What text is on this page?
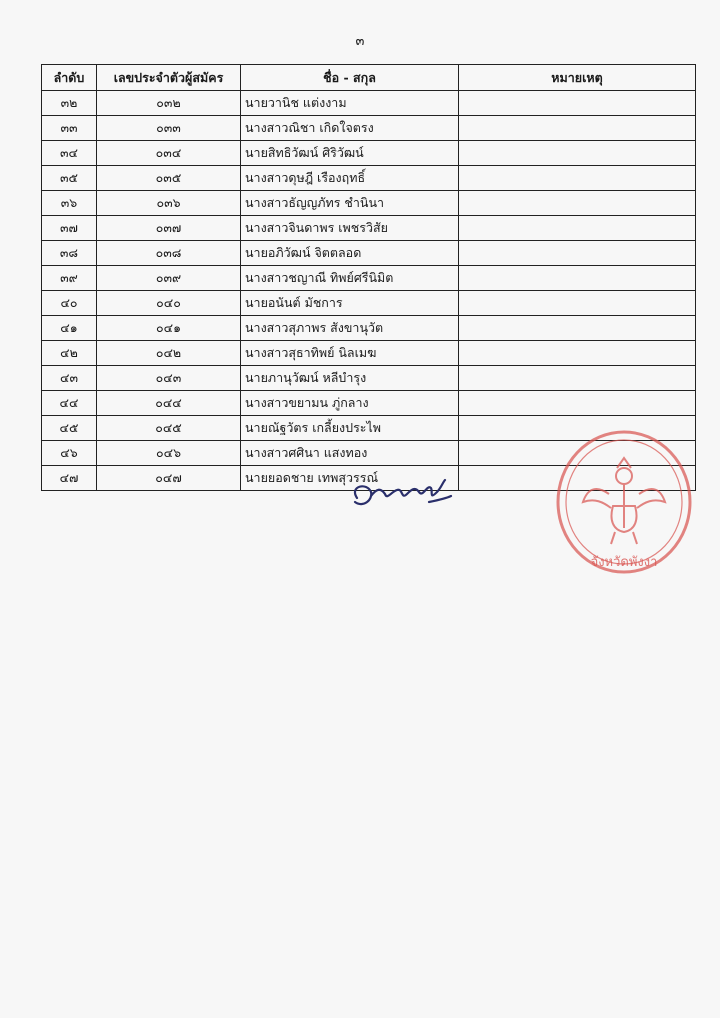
๓
ลำดับ	เลขประจำตัวผู้สมัคร	ชื่อ - สกุล	หมายเหตุ
๓๒	๐๓๒	นายวานิช แต่งงาม	
๓๓	๐๓๓	นางสาวณิชา เกิดใจตรง	
๓๔	๐๓๔	นายสิทธิวัฒน์ ศิริวัฒน์	
๓๕	๐๓๕	นางสาวดุษฎี เรืองฤทธิ์	
๓๖	๐๓๖	นางสาวธัญญภัทร ชำนินา	
๓๗	๐๓๗	นางสาวจินดาพร เพชรวิสัย	
๓๘	๐๓๘	นายอภิวัฒน์ จิตตลอด	
๓๙	๐๓๙	นางสาวชญาณี ทิพย์ศรีนิมิต	
๔๐	๐๔๐	นายอนันต์ มัชการ	
๔๑	๐๔๑	นางสาวสุภาพร สังขานุวัต	
๔๒	๐๔๒	นางสาวสุธาทิพย์ นิลเมฆ	
๔๓	๐๔๓	นายภานุวัฒน์ หลีบำรุง	
๔๔	๐๔๔	นางสาวขยามน ภู่กลาง	
๔๕	๐๔๕	นายณัฐวัตร เกลี้ยงประไพ	
๔๖	๐๔๖	นางสาวศศินา แสงทอง	
๔๗	๐๔๗	นายยอดชาย เทพสุวรรณ์	
จังหวัดพังงา
